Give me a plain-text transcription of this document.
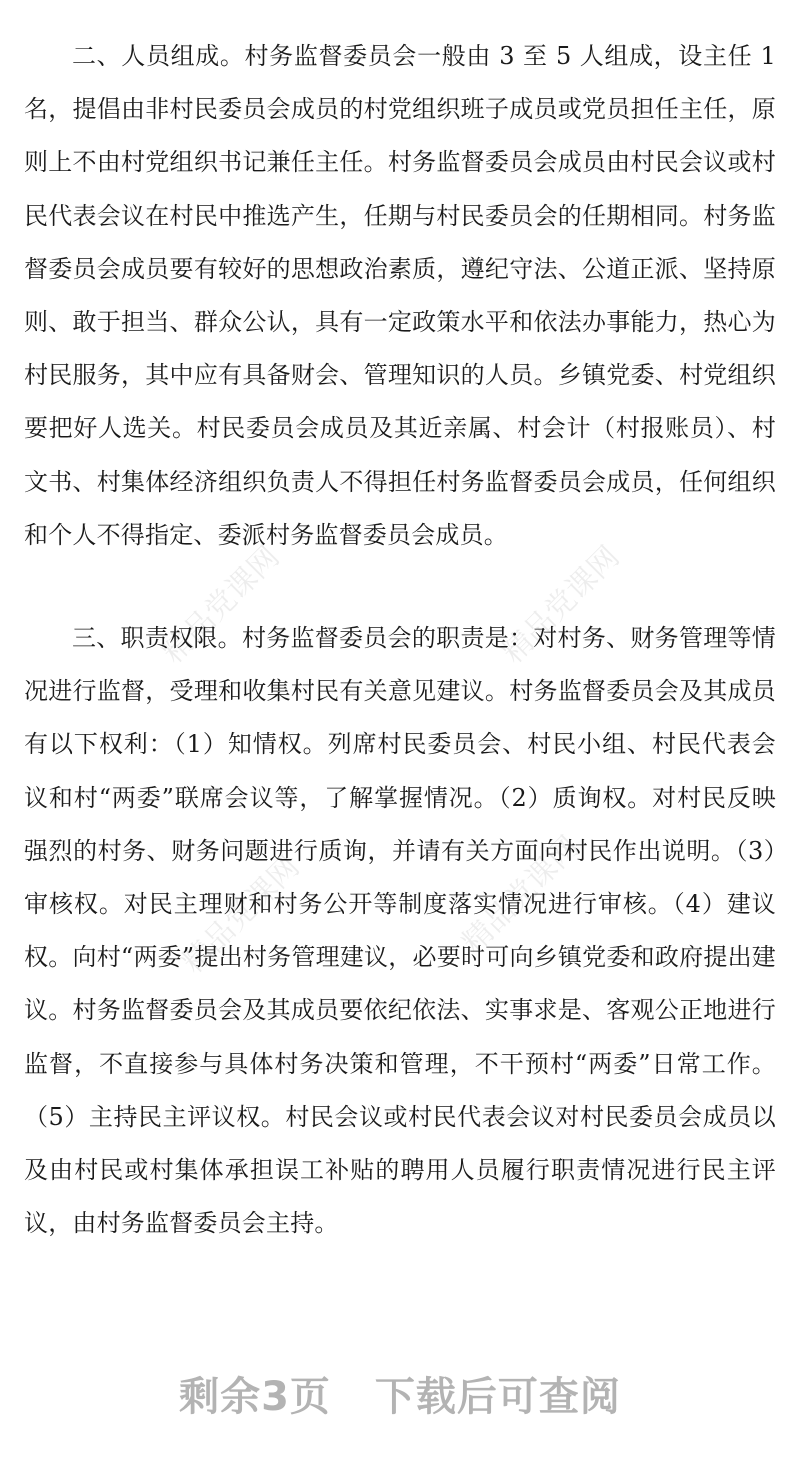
二、人员组成。村务监督委员会一般由 3 至 5 人组成，设主任 1 名，提倡由非村民委员会成员的村党组织班子成员或党员担任主任，原则上不由村党组织书记兼任主任。村务监督委员会成员由村民会议或村民代表会议在村民中推选产生，任期与村民委员会的任期相同。村务监督委员会成员要有较好的思想政治素质，遵纪守法、公道正派、坚持原则、敢于担当、群众公认，具有一定政策水平和依法办事能力，热心为村民服务，其中应有具备财会、管理知识的人员。乡镇党委、村党组织要把好人选关。村民委员会成员及其近亲属、村会计（村报账员）、村文书、村集体经济组织负责人不得担任村务监督委员会成员，任何组织和个人不得指定、委派村务监督委员会成员。

三、职责权限。村务监督委员会的职责是：对村务、财务管理等情况进行监督，受理和收集村民有关意见建议。村务监督委员会及其成员有以下权利：（1）知情权。列席村民委员会、村民小组、村民代表会议和村“两委”联席会议等，了解掌握情况。（2）质询权。对村民反映强烈的村务、财务问题进行质询，并请有关方面向村民作出说明。（3）审核权。对民主理财和村务公开等制度落实情况进行审核。（4）建议权。向村“两委”提出村务管理建议，必要时可向乡镇党委和政府提出建议。村务监督委员会及其成员要依纪依法、实事求是、客观公正地进行监督，不直接参与具体村务决策和管理，不干预村“两委”日常工作。（5）主持民主评议权。村民会议或村民代表会议对村民委员会成员以及由村民或村集体承担误工补贴的聘用人员履行职责情况进行民主评议，由村务监督委员会主持。

精品党课网	精品党课网
精品党课网	精品党课网
剩余3页 下载后可查阅
